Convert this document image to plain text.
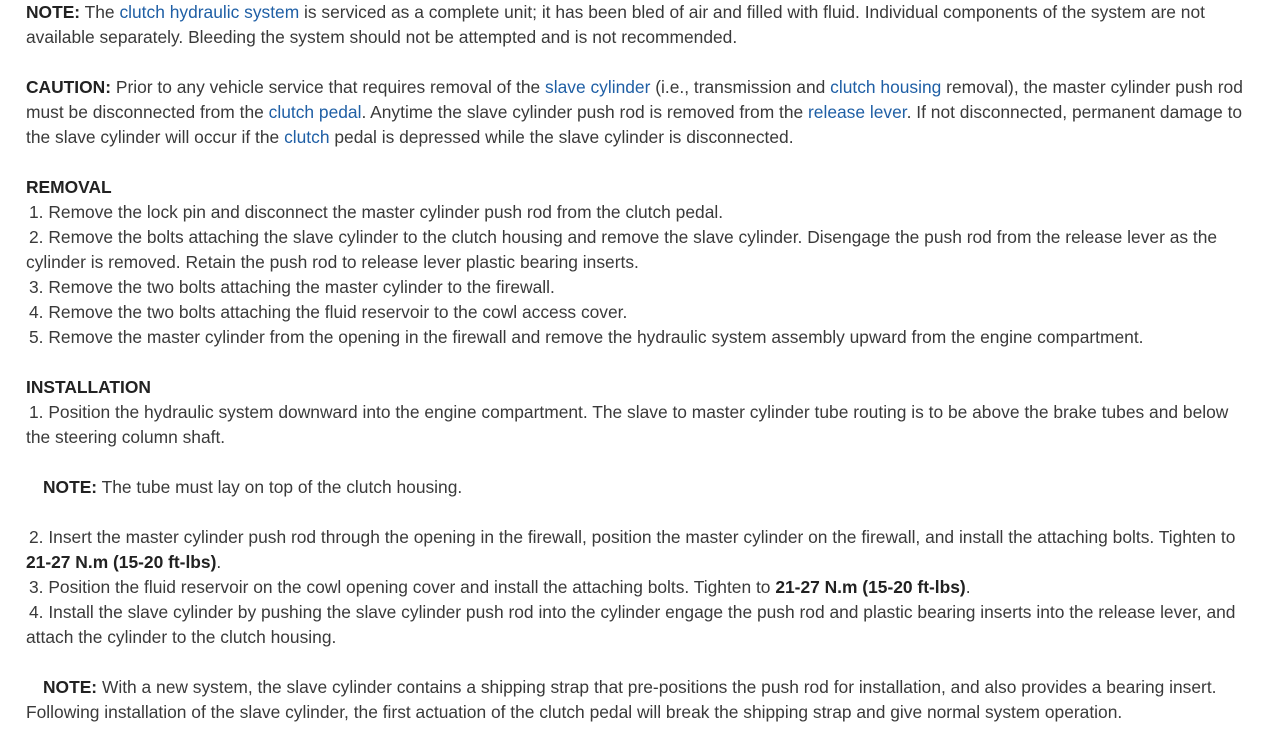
NOTE: The clutch hydraulic system is serviced as a complete unit; it has been bled of air and filled with fluid. Individual components of the system are not available separately. Bleeding the system should not be attempted and is not recommended.

CAUTION: Prior to any vehicle service that requires removal of the slave cylinder (i.e., transmission and clutch housing removal), the master cylinder push rod must be disconnected from the clutch pedal. Anytime the slave cylinder push rod is removed from the release lever. If not disconnected, permanent damage to the slave cylinder will occur if the clutch pedal is depressed while the slave cylinder is disconnected.

REMOVAL

1. Remove the lock pin and disconnect the master cylinder push rod from the clutch pedal.

2. Remove the bolts attaching the slave cylinder to the clutch housing and remove the slave cylinder. Disengage the push rod from the release lever as the cylinder is removed. Retain the push rod to release lever plastic bearing inserts.

3. Remove the two bolts attaching the master cylinder to the firewall.

4. Remove the two bolts attaching the fluid reservoir to the cowl access cover.

5. Remove the master cylinder from the opening in the firewall and remove the hydraulic system assembly upward from the engine compartment.

INSTALLATION

1. Position the hydraulic system downward into the engine compartment. The slave to master cylinder tube routing is to be above the brake tubes and below the steering column shaft.

NOTE: The tube must lay on top of the clutch housing.

2. Insert the master cylinder push rod through the opening in the firewall, position the master cylinder on the firewall, and install the attaching bolts. Tighten to 21-27 N.m (15-20 ft-lbs).

3. Position the fluid reservoir on the cowl opening cover and install the attaching bolts. Tighten to 21-27 N.m (15-20 ft-lbs).

4. Install the slave cylinder by pushing the slave cylinder push rod into the cylinder engage the push rod and plastic bearing inserts into the release lever, and attach the cylinder to the clutch housing.

NOTE: With a new system, the slave cylinder contains a shipping strap that pre-positions the push rod for installation, and also provides a bearing insert. Following installation of the slave cylinder, the first actuation of the clutch pedal will break the shipping strap and give normal system operation.
